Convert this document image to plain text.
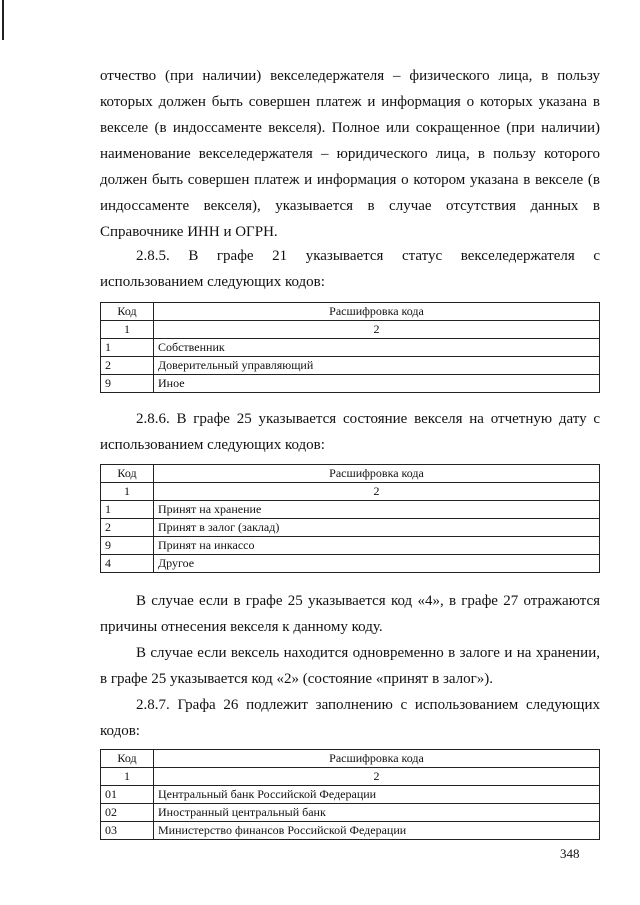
отчество (при наличии) векселедержателя – физического лица, в пользу которых должен быть совершен платеж и информация о которых указана в векселе (в индоссаменте векселя). Полное или сокращенное (при наличии) наименование векселедержателя – юридического лица, в пользу которого должен быть совершен платеж и информация о котором указана в векселе (в индоссаменте векселя), указывается в случае отсутствия данных в Справочнике ИНН и ОГРН.

2.8.5. В графе 21 указывается статус векселедержателя с использованием следующих кодов:

Код	Расшифровка кода
1	2
1	Собственник
2	Доверительный управляющий
9	Иное

2.8.6. В графе 25 указывается состояние векселя на отчетную дату с использованием следующих кодов:

Код	Расшифровка кода
1	2
1	Принят на хранение
2	Принят в залог (заклад)
9	Принят на инкассо
4	Другое

В случае если в графе 25 указывается код «4», в графе 27 отражаются причины отнесения векселя к данному коду.

В случае если вексель находится одновременно в залоге и на хранении, в графе 25 указывается код «2» (состояние «принят в залог»).

2.8.7. Графа 26 подлежит заполнению с использованием следующих кодов:

Код	Расшифровка кода
1	2
01	Центральный банк Российской Федерации
02	Иностранный центральный банк
03	Министерство финансов Российской Федерации
348
